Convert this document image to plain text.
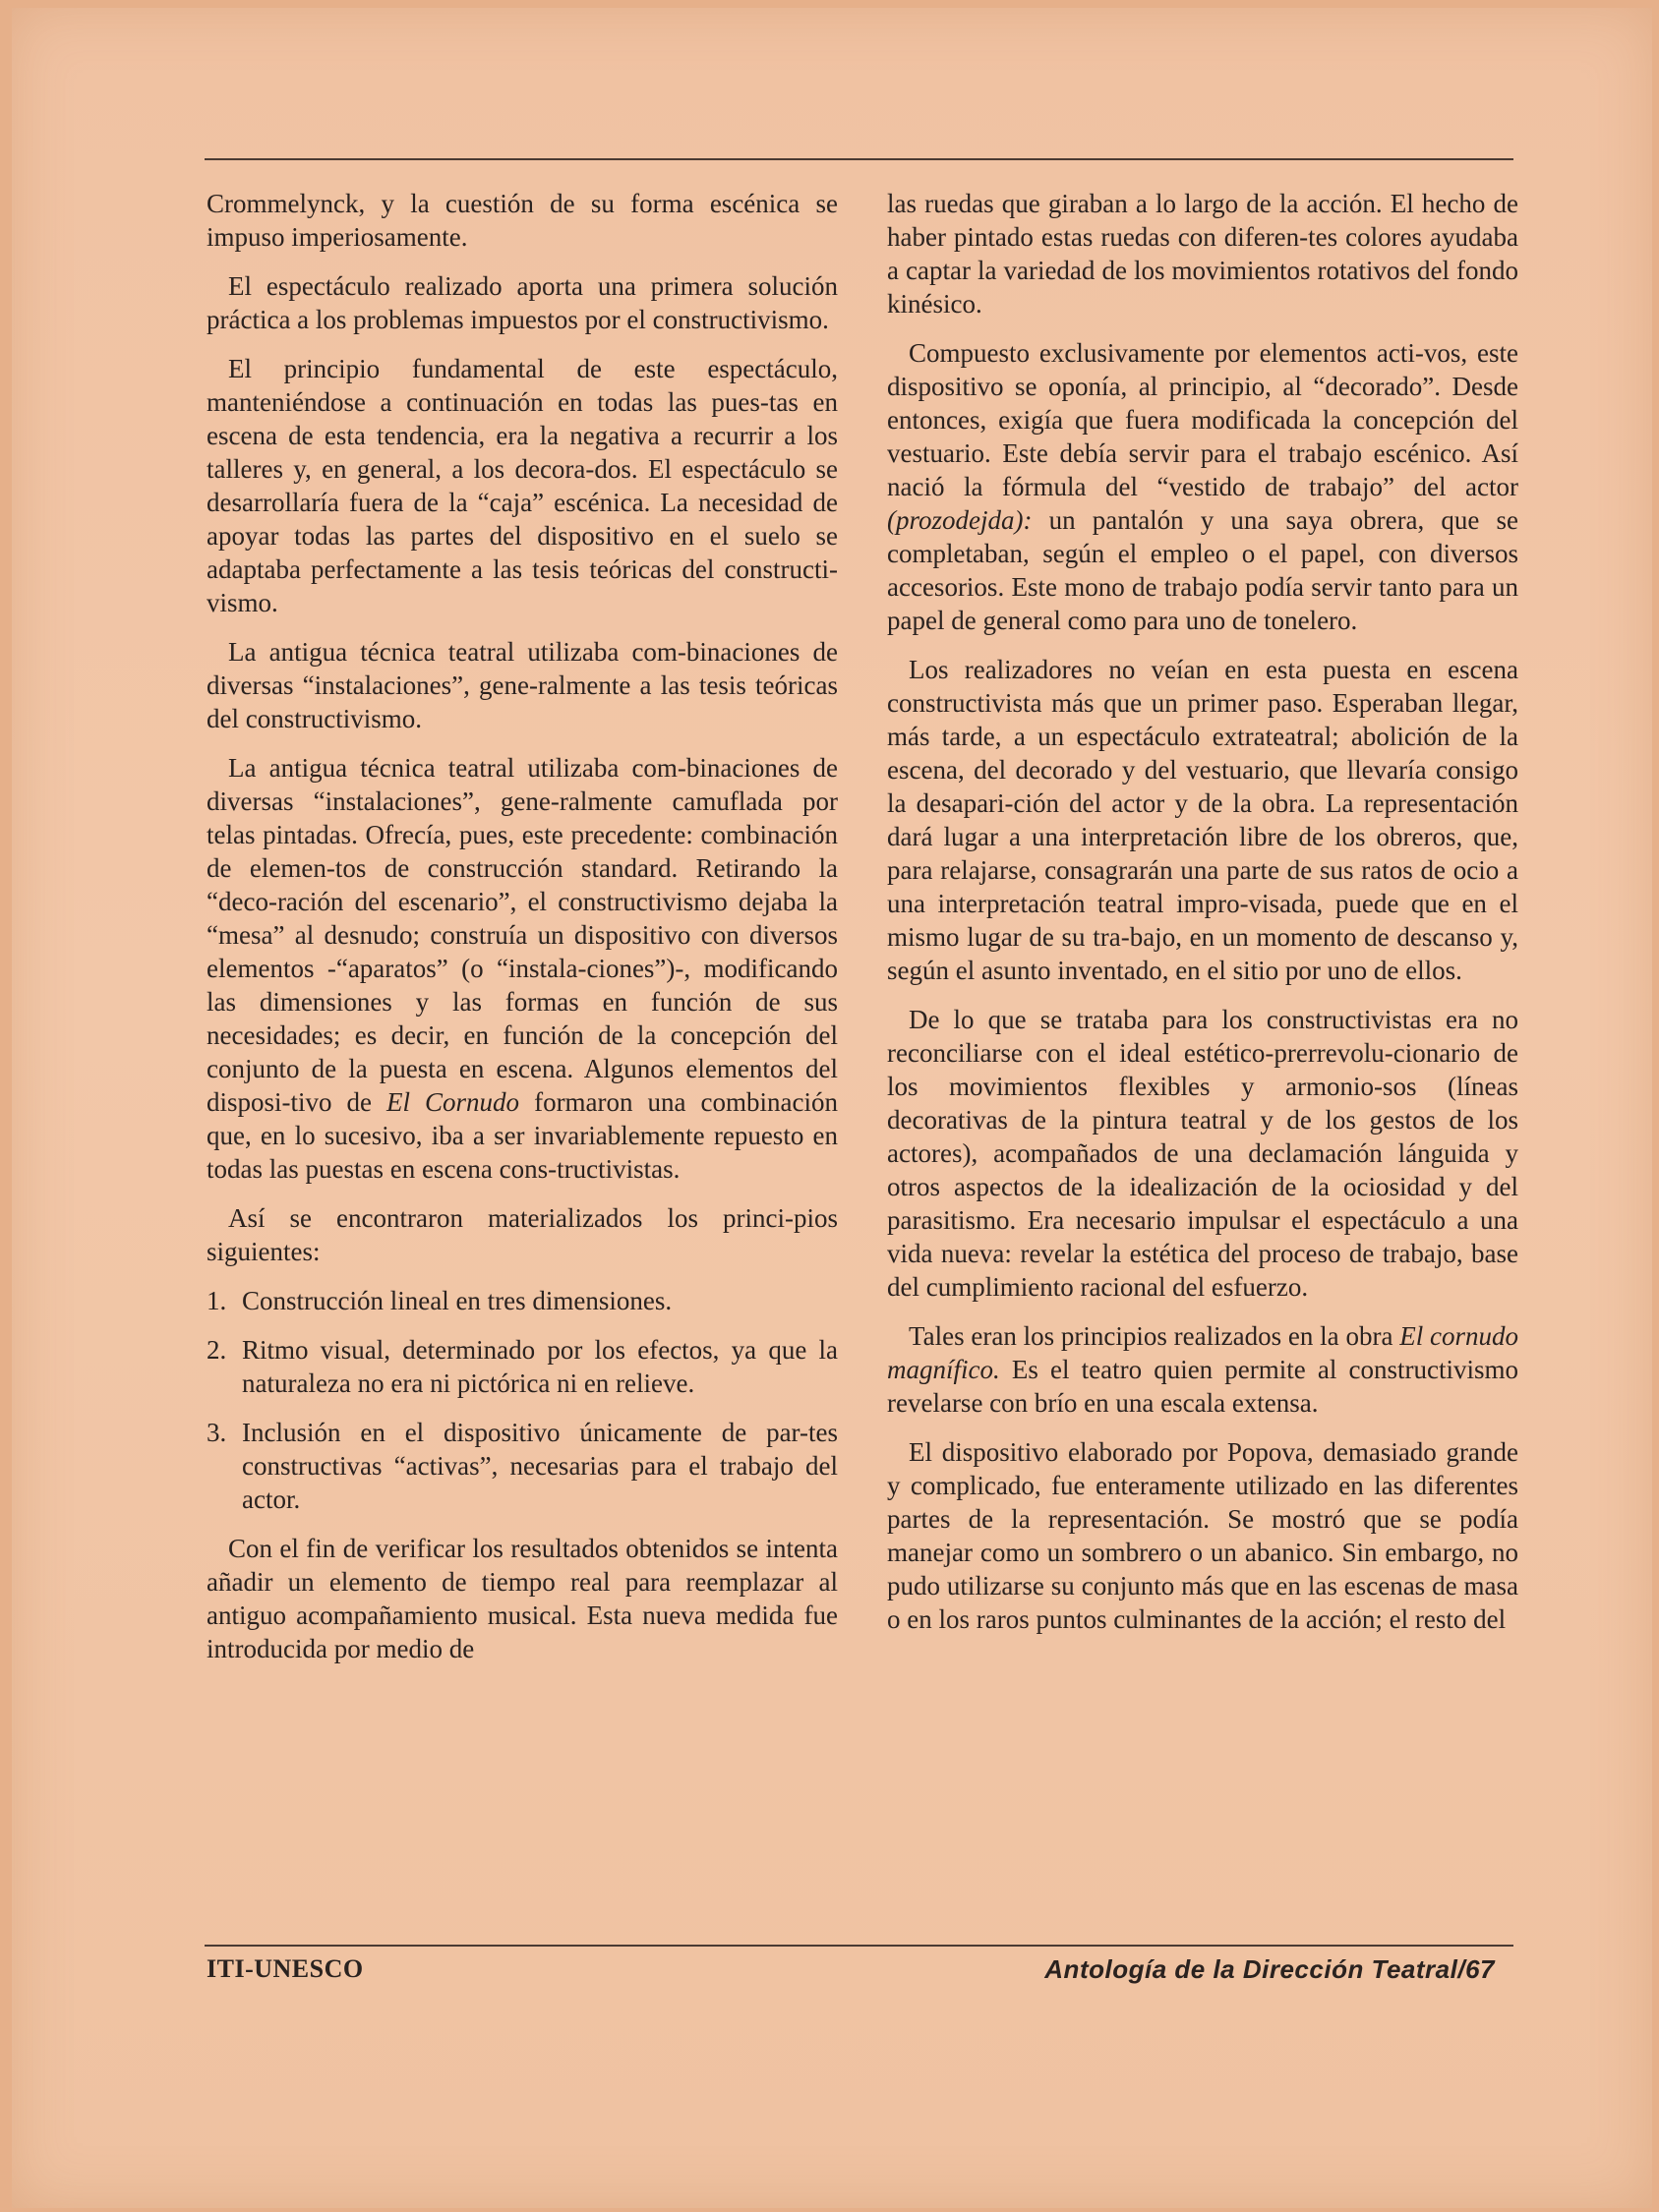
Crommelynck, y la cuestión de su forma escénica se impuso imperiosamente.

El espectáculo realizado aporta una primera solución práctica a los problemas impuestos por el constructivismo.

El principio fundamental de este espectáculo, manteniéndose a continuación en todas las pues-tas en escena de esta tendencia, era la negativa a recurrir a los talleres y, en general, a los decora-dos. El espectáculo se desarrollaría fuera de la “caja” escénica. La necesidad de apoyar todas las partes del dispositivo en el suelo se adaptaba perfectamente a las tesis teóricas del constructi-vismo.

La antigua técnica teatral utilizaba com-binaciones de diversas “instalaciones”, gene-ralmente a las tesis teóricas del constructivismo.

La antigua técnica teatral utilizaba com-binaciones de diversas “instalaciones”, gene-ralmente camuflada por telas pintadas. Ofrecía, pues, este precedente: combinación de elemen-tos de construcción standard. Retirando la “deco-ración del escenario”, el constructivismo dejaba la “mesa” al desnudo; construía un dispositivo con diversos elementos -“aparatos” (o “instala-ciones”)-, modificando las dimensiones y las formas en función de sus necesidades; es decir, en función de la concepción del conjunto de la puesta en escena. Algunos elementos del disposi-tivo de El Cornudo formaron una combinación que, en lo sucesivo, iba a ser invariablemente repuesto en todas las puestas en escena cons-tructivistas.

Así se encontraron materializados los princi-pios siguientes:

1. Construcción lineal en tres dimensiones.
2. Ritmo visual, determinado por los efectos, ya que la naturaleza no era ni pictórica ni en relieve.
3. Inclusión en el dispositivo únicamente de par-tes constructivas “activas”, necesarias para el trabajo del actor.

Con el fin de verificar los resultados obtenidos se intenta añadir un elemento de tiempo real para reemplazar al antiguo acompañamiento musical. Esta nueva medida fue introducida por medio de

las ruedas que giraban a lo largo de la acción. El hecho de haber pintado estas ruedas con diferen-tes colores ayudaba a captar la variedad de los movimientos rotativos del fondo kinésico.

Compuesto exclusivamente por elementos acti-vos, este dispositivo se oponía, al principio, al “decorado”. Desde entonces, exigía que fuera modificada la concepción del vestuario. Este debía servir para el trabajo escénico. Así nació la fórmula del “vestido de trabajo” del actor (prozodejda): un pantalón y una saya obrera, que se completaban, según el empleo o el papel, con diversos accesorios. Este mono de trabajo podía servir tanto para un papel de general como para uno de tonelero.

Los realizadores no veían en esta puesta en escena constructivista más que un primer paso. Esperaban llegar, más tarde, a un espectáculo extrateatral; abolición de la escena, del decorado y del vestuario, que llevaría consigo la desapari-ción del actor y de la obra. La representación dará lugar a una interpretación libre de los obreros, que, para relajarse, consagrarán una parte de sus ratos de ocio a una interpretación teatral impro-visada, puede que en el mismo lugar de su tra-bajo, en un momento de descanso y, según el asunto inventado, en el sitio por uno de ellos.

De lo que se trataba para los constructivistas era no reconciliarse con el ideal estético-prerrevolu-cionario de los movimientos flexibles y armonio-sos (líneas decorativas de la pintura teatral y de los gestos de los actores), acompañados de una declamación lánguida y otros aspectos de la idealización de la ociosidad y del parasitismo. Era necesario impulsar el espectáculo a una vida nueva: revelar la estética del proceso de trabajo, base del cumplimiento racional del esfuerzo.

Tales eran los principios realizados en la obra El cornudo magnífico. Es el teatro quien permite al constructivismo revelarse con brío en una escala extensa.

El dispositivo elaborado por Popova, demasiado grande y complicado, fue enteramente utilizado en las diferentes partes de la representación. Se mostró que se podía manejar como un sombrero o un abanico. Sin embargo, no pudo utilizarse su conjunto más que en las escenas de masa o en los raros puntos culminantes de la acción; el resto del

ITI-UNESCO	Antología de la Dirección Teatral/67
